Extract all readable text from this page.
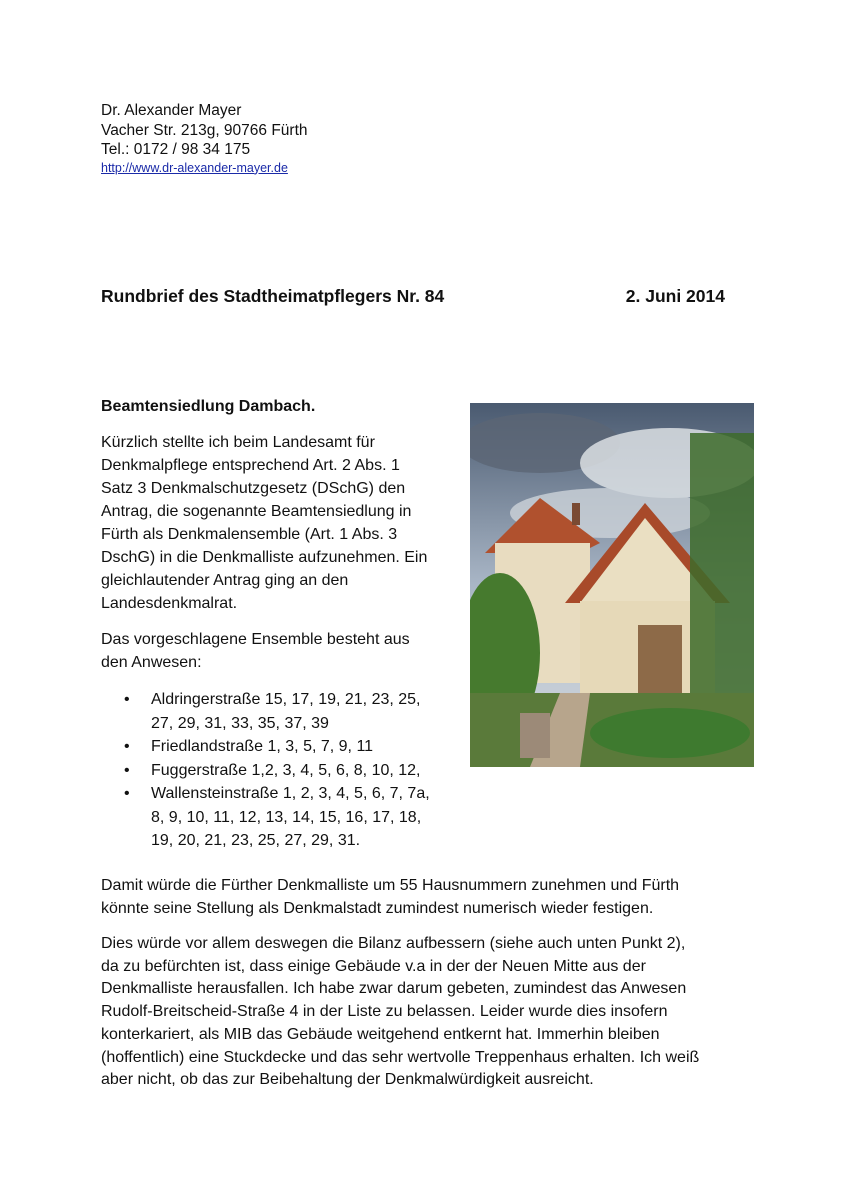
Dr. Alexander Mayer
Vacher Str. 213g, 90766 Fürth
Tel.: 0172 / 98 34 175
http://www.dr-alexander-mayer.de
Rundbrief des Stadtheimatpflegers Nr. 84	2. Juni 2014
Beamtensiedlung Dambach.
Kürzlich stellte ich beim Landesamt für
Denkmalpflege entsprechend Art. 2 Abs. 1
Satz 3 Denkmalschutzgesetz (DSchG) den
Antrag, die sogenannte Beamtensiedlung in
Fürth als Denkmalensemble (Art. 1 Abs. 3
DschG) in die Denkmalliste aufzunehmen. Ein
gleichlautender Antrag ging an den
Landesdenkmalrat.
Das vorgeschlagene Ensemble besteht aus
den Anwesen:
• Aldringerstraße 15, 17, 19, 21, 23, 25,
27, 29, 31, 33, 35, 37, 39
• Friedlandstraße 1, 3, 5, 7, 9, 11
• Fuggerstraße 1,2, 3, 4, 5, 6, 8, 10, 12,
• Wallensteinstraße 1, 2, 3, 4, 5, 6, 7, 7a,
8, 9, 10, 11, 12, 13, 14, 15, 16, 17, 18,
19, 20, 21, 23, 25, 27, 29, 31.
Damit würde die Fürther Denkmalliste um 55 Hausnummern zunehmen und Fürth
könnte seine Stellung als Denkmalstadt zumindest numerisch wieder festigen.
Dies würde vor allem deswegen die Bilanz aufbessern (siehe auch unten Punkt 2),
da zu befürchten ist, dass einige Gebäude v.a in der der Neuen Mitte aus der
Denkmalliste herausfallen. Ich habe zwar darum gebeten, zumindest das Anwesen
Rudolf-Breitscheid-Straße 4 in der Liste zu belassen. Leider wurde dies insofern
konterkariert, als MIB das Gebäude weitgehend entkernt hat. Immerhin bleiben
(hoffentlich) eine Stuckdecke und das sehr wertvolle Treppenhaus erhalten. Ich weiß
aber nicht, ob das zur Beibehaltung der Denkmalwürdigkeit ausreicht.
